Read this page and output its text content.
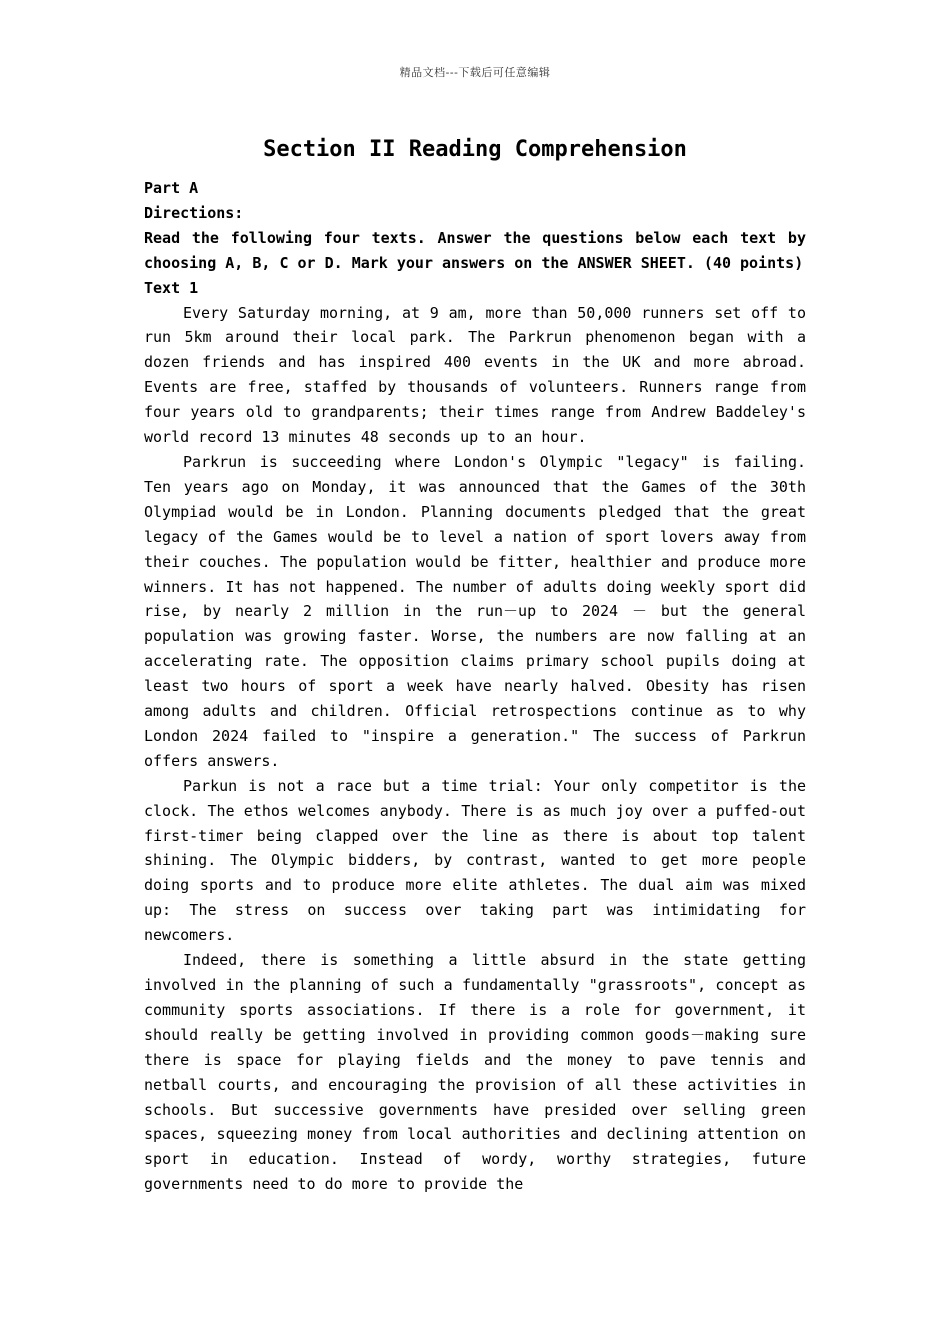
精品文档---下载后可任意编辑
Section II Reading Comprehension
Part A
Directions:
Read the following four texts. Answer the questions below each text by choosing A, B, C or D. Mark your answers on the ANSWER SHEET. (40 points)
Text 1

Every Saturday morning, at 9 am, more than 50,000 runners set off to run 5km around their local park. The Parkrun phenomenon began with a dozen friends and has inspired 400 events in the UK and more abroad. Events are free, staffed by thousands of volunteers. Runners range from four years old to grandparents; their times range from Andrew Baddeley's world record 13 minutes 48 seconds up to an hour.

Parkrun is succeeding where London's Olympic "legacy" is failing. Ten years ago on Monday, it was announced that the Games of the 30th Olympiad would be in London. Planning documents pledged that the great legacy of the Games would be to level a nation of sport lovers away from their couches. The population would be fitter, healthier and produce more winners. It has not happened. The number of adults doing weekly sport did rise, by nearly 2 million in the run－up to 2024 － but the general population was growing faster. Worse, the numbers are now falling at an accelerating rate. The opposition claims primary school pupils doing at least two hours of sport a week have nearly halved. Obesity has risen among adults and children. Official retrospections continue as to why London 2024 failed to "inspire a generation." The success of Parkrun offers answers.

Parkun is not a race but a time trial: Your only competitor is the clock. The ethos welcomes anybody. There is as much joy over a puffed-out first-timer being clapped over the line as there is about top talent shining. The Olympic bidders, by contrast, wanted to get more people doing sports and to produce more elite athletes. The dual aim was mixed up: The stress on success over taking part was intimidating for newcomers.

Indeed, there is something a little absurd in the state getting involved in the planning of such a fundamentally "grassroots", concept as community sports associations. If there is a role for government, it should really be getting involved in providing common goods－making sure there is space for playing fields and the money to pave tennis and netball courts, and encouraging the provision of all these activities in schools. But successive governments have presided over selling green spaces, squeezing money from local authorities and declining attention on sport in education. Instead of wordy, worthy strategies, future governments need to do more to provide the
